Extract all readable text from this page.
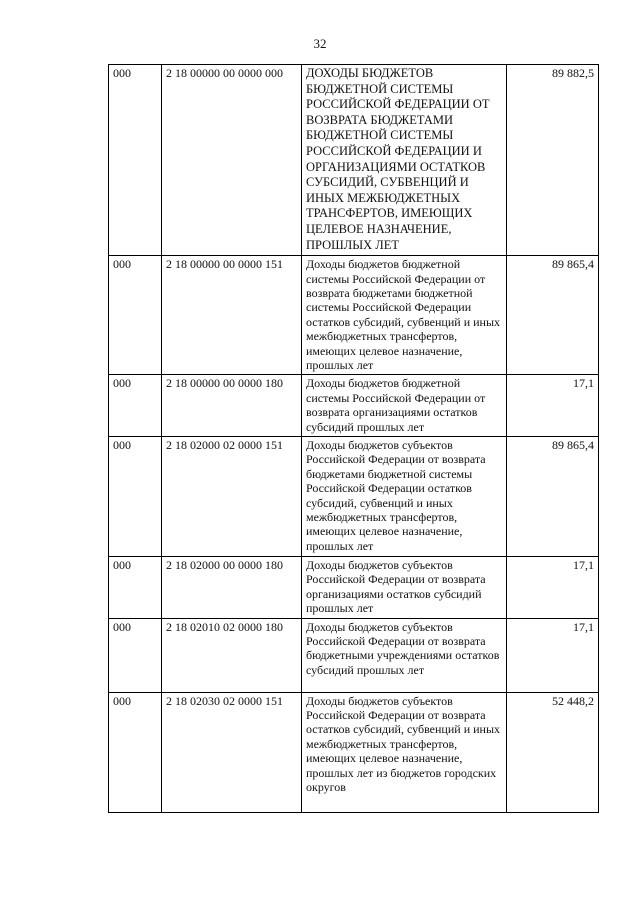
32
000	2 18 00000 00 0000 000	ДОХОДЫ БЮДЖЕТОВ БЮДЖЕТНОЙ СИСТЕМЫ РОССИЙСКОЙ ФЕДЕРАЦИИ ОТ ВОЗВРАТА БЮДЖЕТАМИ БЮДЖЕТНОЙ СИСТЕМЫ РОССИЙСКОЙ ФЕДЕРАЦИИ И ОРГАНИЗАЦИЯМИ ОСТАТКОВ СУБСИДИЙ, СУБВЕНЦИЙ И ИНЫХ МЕЖБЮДЖЕТНЫХ ТРАНСФЕРТОВ, ИМЕЮЩИХ ЦЕЛЕВОЕ НАЗНАЧЕНИЕ, ПРОШЛЫХ ЛЕТ	89 882,5
000	2 18 00000 00 0000 151	Доходы бюджетов бюджетной системы Российской Федерации от возврата бюджетами бюджетной системы Российской Федерации остатков субсидий, субвенций и иных межбюджетных трансфертов, имеющих целевое назначение, прошлых лет	89 865,4
000	2 18 00000 00 0000 180	Доходы бюджетов бюджетной системы Российской Федерации от возврата организациями остатков субсидий прошлых лет	17,1
000	2 18 02000 02 0000 151	Доходы бюджетов субъектов Российской Федерации от возврата бюджетами бюджетной системы Российской Федерации остатков субсидий, субвенций и иных межбюджетных трансфертов, имеющих целевое назначение, прошлых лет	89 865,4
000	2 18 02000 00 0000 180	Доходы бюджетов субъектов Российской Федерации от возврата организациями остатков субсидий прошлых лет	17,1
000	2 18 02010 02 0000 180	Доходы бюджетов субъектов Российской Федерации от возврата бюджетными учреждениями остатков субсидий прошлых лет	17,1
000	2 18 02030 02 0000 151	Доходы бюджетов субъектов Российской Федерации от возврата остатков субсидий, субвенций и иных межбюджетных трансфертов, имеющих целевое назначение, прошлых лет из бюджетов городских округов	52 448,2
